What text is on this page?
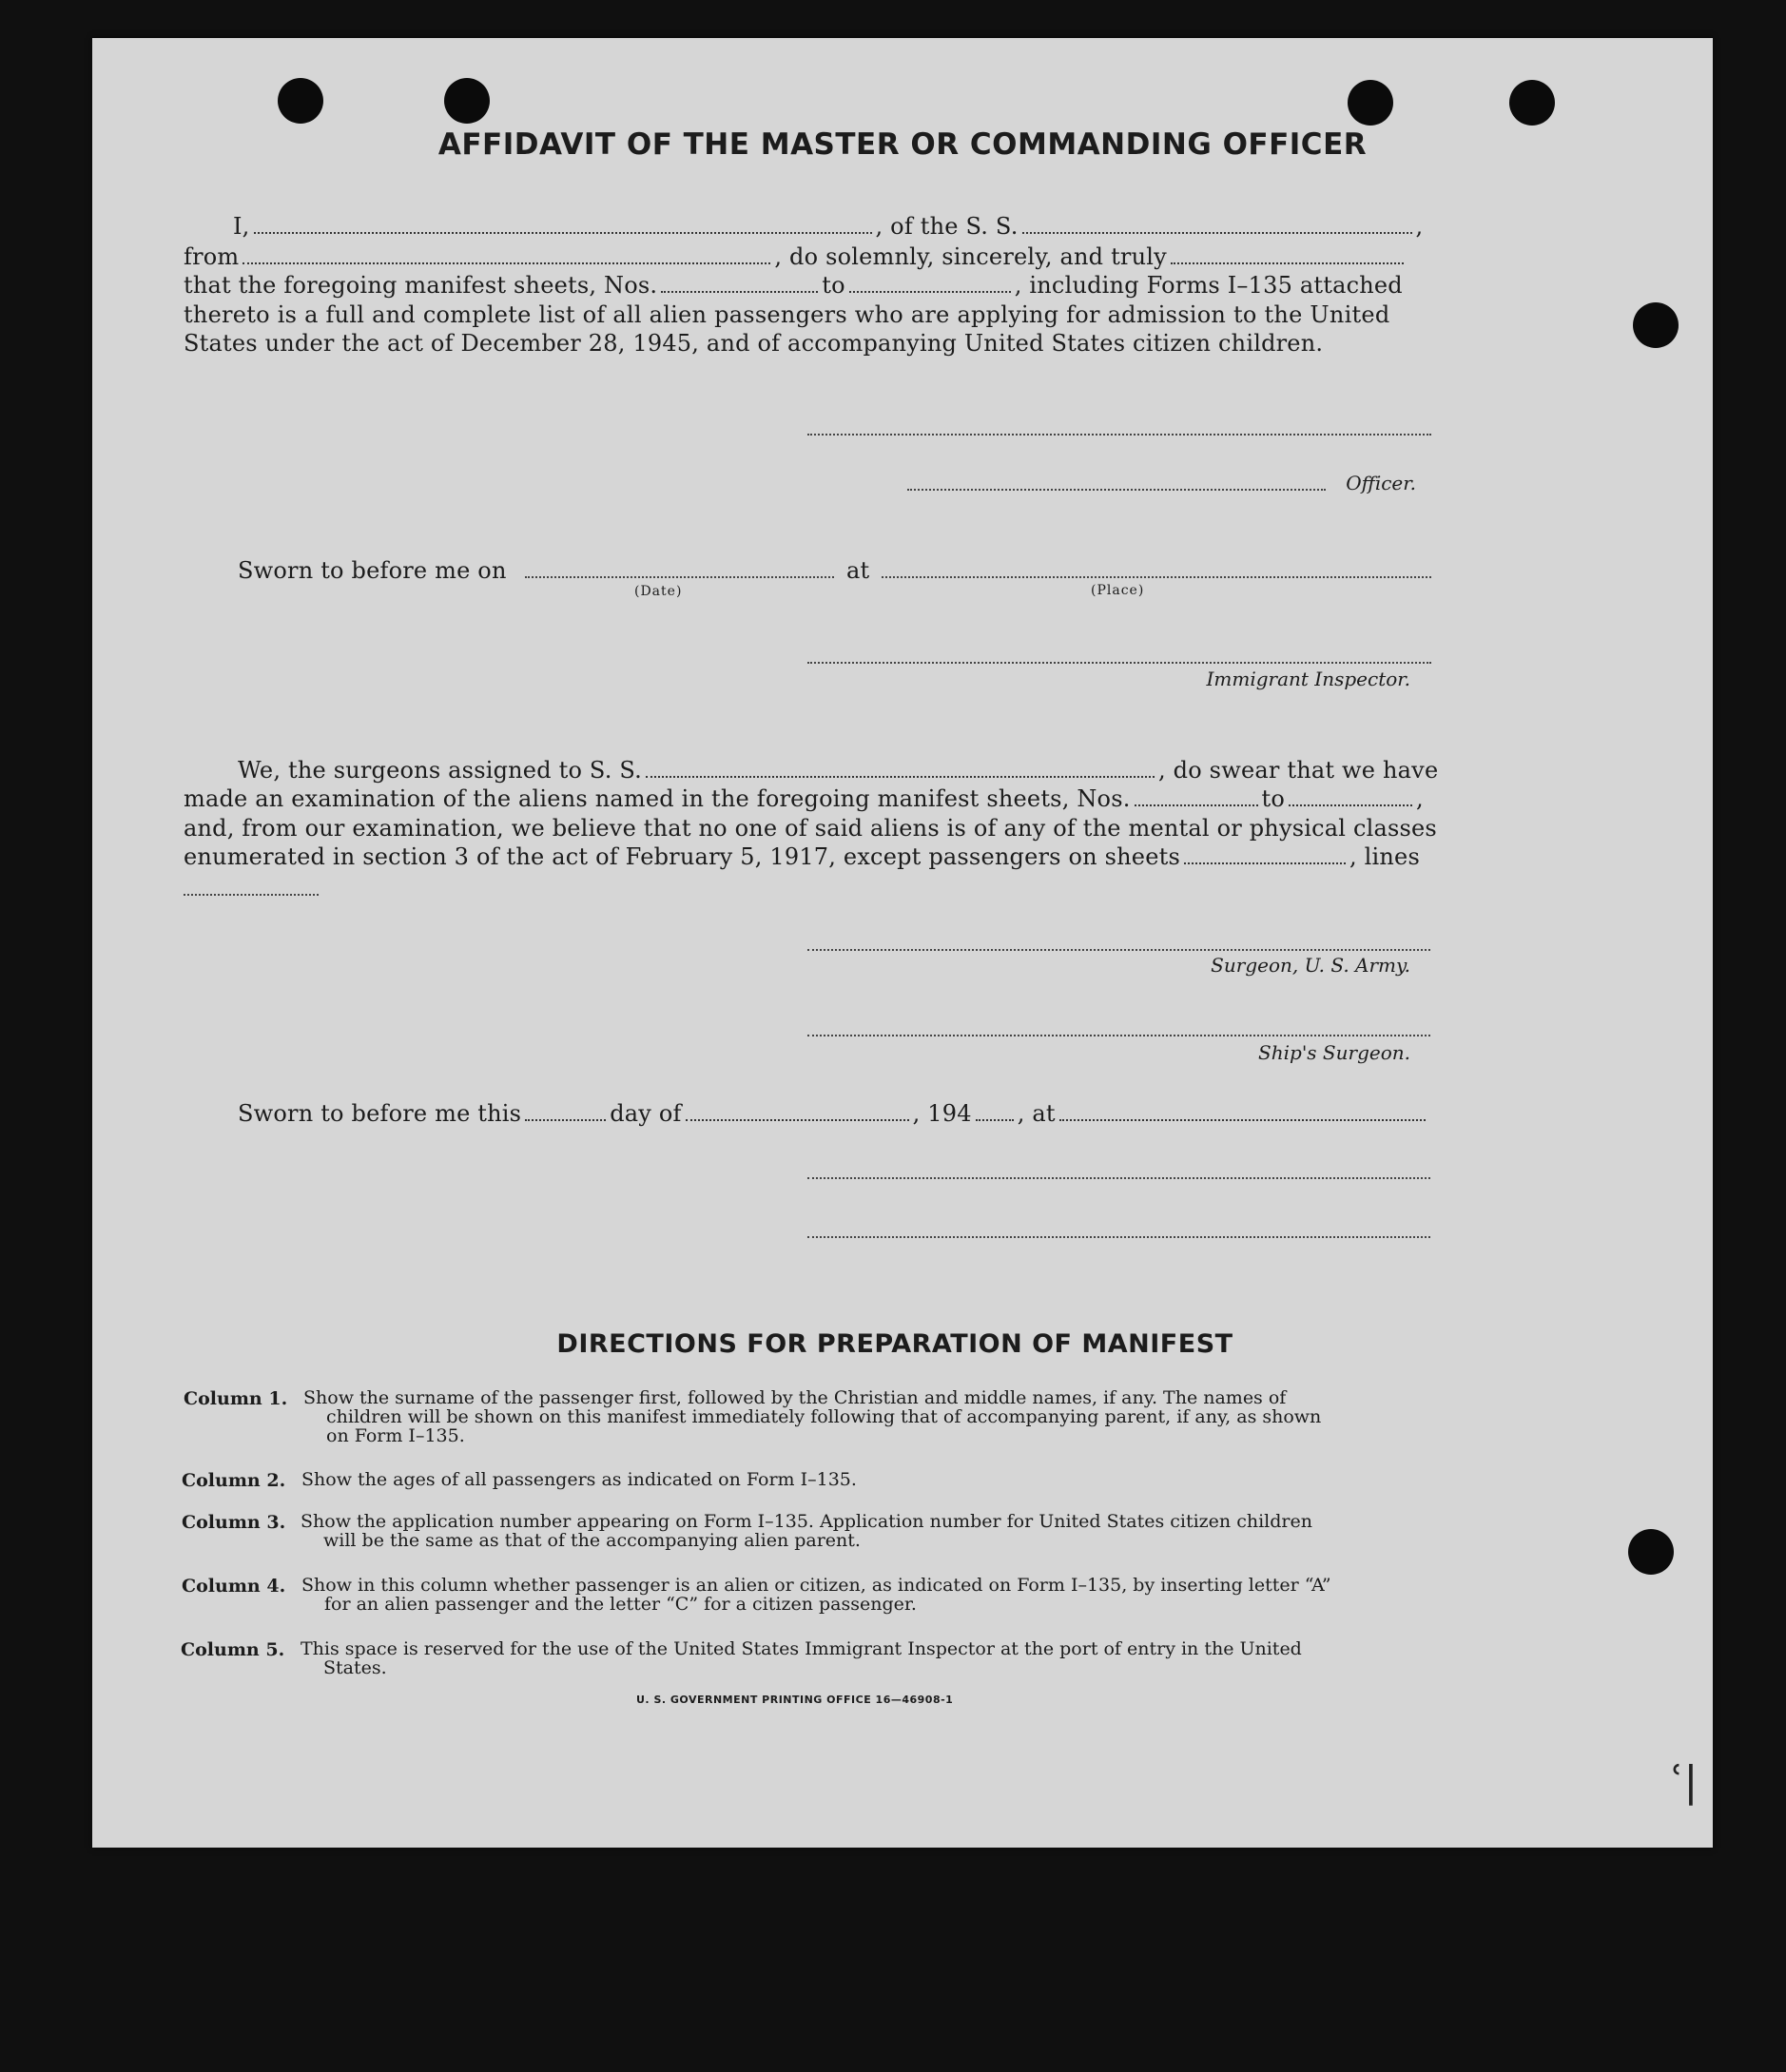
AFFIDAVIT OF THE MASTER OR COMMANDING OFFICER
I,	, of the S. S.	,
from	, do solemnly, sincerely, and truly
that the foregoing manifest sheets, Nos.	to	, including Forms I–135 attached
thereto is a full and complete list of all alien passengers who are applying for admission to the United
States under the act of December 28, 1945, and of accompanying United States citizen children.
Officer.
Sworn to before me on	at
(Date)	(Place)
Immigrant Inspector.
We, the surgeons assigned to S. S.	, do swear that we have
made an examination of the aliens named in the foregoing manifest sheets, Nos.	to	,
and, from our examination, we believe that no one of said aliens is of any of the mental or physical classes
enumerated in section 3 of the act of February 5, 1917, except passengers on sheets	, lines
Surgeon, U. S. Army.
Ship's Surgeon.
Sworn to before me this	day of	, 194 , at
DIRECTIONS FOR PREPARATION OF MANIFEST
Column 1. Show the surname of the passenger first, followed by the Christian and middle names, if any. The names of
children will be shown on this manifest immediately following that of accompanying parent, if any, as shown
on Form I–135.
Column 2. Show the ages of all passengers as indicated on Form I–135.
Column 3. Show the application number appearing on Form I–135. Application number for United States citizen children
will be the same as that of the accompanying alien parent.
Column 4. Show in this column whether passenger is an alien or citizen, as indicated on Form I–135, by inserting letter “A”
for an alien passenger and the letter “C” for a citizen passenger.
Column 5. This space is reserved for the use of the United States Immigrant Inspector at the port of entry in the United
States.
U. S. GOVERNMENT PRINTING OFFICE 16—46908-1
ʿ|
